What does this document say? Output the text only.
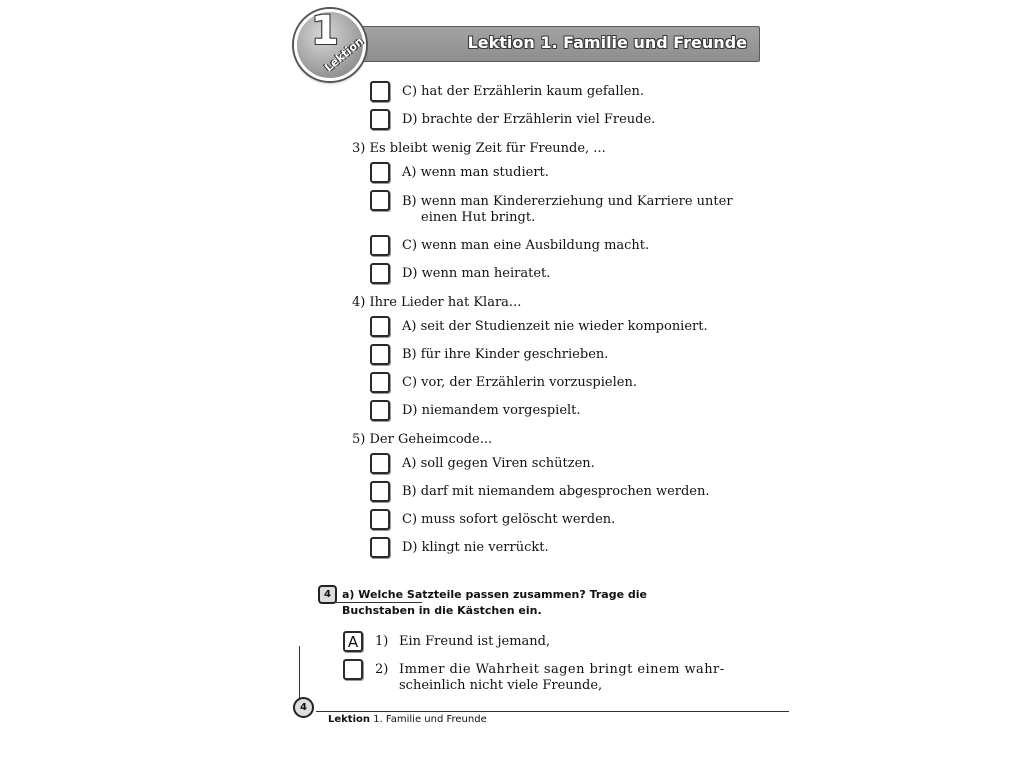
Lektion 1. Familie und Freunde
1
Lektion
C) hat der Erzählerin kaum gefallen.
D) brachte der Erzählerin viel Freude.
3) Es bleibt wenig Zeit für Freunde, ...
A) wenn man studiert.
B) wenn man Kindererziehung und Karriere unter
einen Hut bringt.
C) wenn man eine Ausbildung macht.
D) wenn man heiratet.
4) Ihre Lieder hat Klara...
A) seit der Studienzeit nie wieder komponiert.
B) für ihre Kinder geschrieben.
C) vor, der Erzählerin vorzuspielen.
D) niemandem vorgespielt.
5) Der Geheimcode...
A) soll gegen Viren schützen.
B) darf mit niemandem abgesprochen werden.
C) muss sofort gelöscht werden.
D) klingt nie verrückt.
4	a) Welche Satzteile passen zusammen? Trage die Buchstaben in die Kästchen ein.
A	1) Ein Freund ist jemand,
2) Immer die Wahrheit sagen bringt einem wahr-
scheinlich nicht viele Freunde,
4
Lektion 1. Familie und Freunde
